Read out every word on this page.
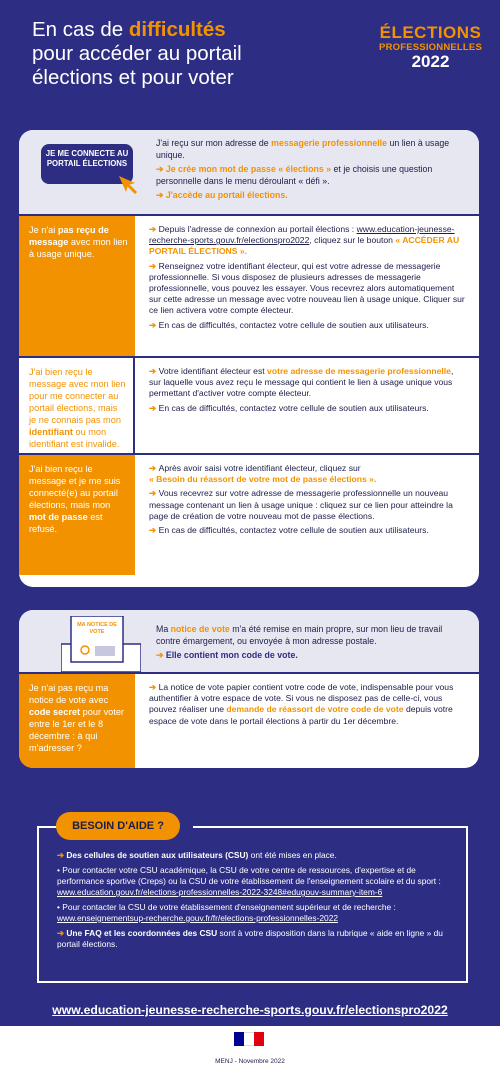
En cas de difficultés
pour accéder au portail
élections et pour voter
ÉLECTIONS
PROFESSIONNELLES
2022
JE ME CONNECTE AU PORTAIL ÉLECTIONS
J'ai reçu sur mon adresse de messagerie professionnelle un lien à usage unique.
➔ Je crée mon mot de passe « élections » et je choisis une question personnelle dans le menu déroulant « défi ».
➔ J'accède au portail élections.
Je n'ai pas reçu de message avec mon lien à usage unique.
➔ Depuis l'adresse de connexion au portail élections : www.education-jeunesse-recherche-sports.gouv.fr/electionspro2022, cliquez sur le bouton « ACCÉDER AU PORTAIL ÉLECTIONS ».
➔ Renseignez votre identifiant électeur, qui est votre adresse de messagerie professionnelle. Si vous disposez de plusieurs adresses de messagerie professionnelle, vous pouvez les essayer. Vous recevrez alors automatiquement sur cette adresse un message avec votre nouveau lien à usage unique. Cliquer sur ce lien activera votre compte électeur.
➔ En cas de difficultés, contactez votre cellule de soutien aux utilisateurs.
J'ai bien reçu le message avec mon lien pour me connecter au portail élections, mais je ne connais pas mon identifiant ou mon identifiant est invalide.
➔ Votre identifiant électeur est votre adresse de messagerie professionnelle, sur laquelle vous avez reçu le message qui contient le lien à usage unique vous permettant d'activer votre compte électeur.
➔ En cas de difficultés, contactez votre cellule de soutien aux utilisateurs.
J'ai bien reçu le message et je me suis connecté(e) au portail élections, mais mon mot de passe est refusé.
➔ Après avoir saisi votre identifiant électeur, cliquez sur
« Besoin du réassort de votre mot de passe élections ».
➔ Vous recevrez sur votre adresse de messagerie professionnelle un nouveau message contenant un lien à usage unique : cliquez sur ce lien pour atteindre la page de création de votre nouveau mot de passe élections.
➔ En cas de difficultés, contactez votre cellule de soutien aux utilisateurs.
MA NOTICE DE VOTE	Ma notice de vote m'a été remise en main propre, sur mon lieu de travail contre émargement, ou envoyée à mon adresse postale.
➔ Elle contient mon code de vote.
Je n'ai pas reçu ma notice de vote avec code secret pour voter entre le 1er et le 8 décembre : à qui m'adresser ?
➔ La notice de vote papier contient votre code de vote, indispensable pour vous authentifier à votre espace de vote. Si vous ne disposez pas de celle-ci, vous pouvez réaliser une demande de réassort de votre code de vote depuis votre espace de vote dans le portail élections à partir du 1er décembre.
BESOIN D'AIDE ?
➔ Des cellules de soutien aux utilisateurs (CSU) ont été mises en place.
• Pour contacter votre CSU académique, la CSU de votre centre de ressources, d'expertise et de performance sportive (Creps) ou la CSU de votre établissement de l'enseignement scolaire et du sport :
www.education.gouv.fr/elections-professionnelles-2022-3248#edugouv-summary-item-6
• Pour contacter la CSU de votre établissement d'enseignement supérieur et de recherche : www.enseignementsup-recherche.gouv.fr/fr/elections-professionnelles-2022
➔ Une FAQ et les coordonnées des CSU sont à votre disposition dans la rubrique « aide en ligne » du portail élections.
www.education-jeunesse-recherche-sports.gouv.fr/electionspro2022
MENJ - Novembre 2022
